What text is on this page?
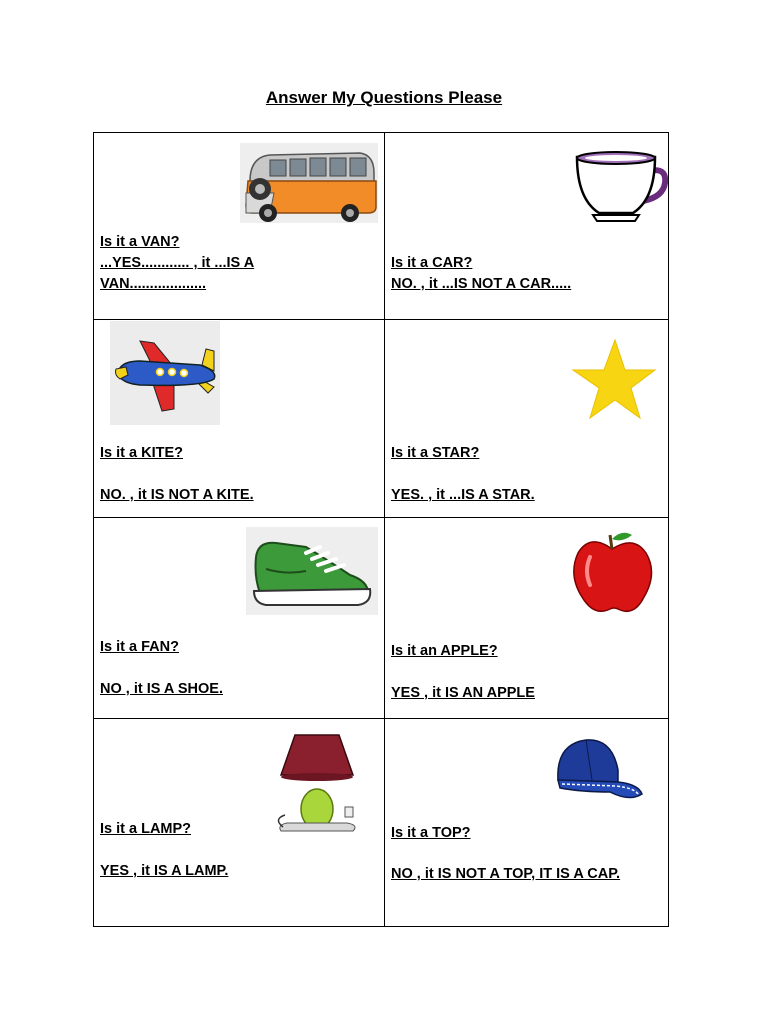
Answer My Questions Please
Is it a VAN?
...YES............ , it ...IS A
VAN...................
Is it a CAR?
NO. , it ...IS NOT A CAR.....
Is it a KITE?
NO. , it IS NOT A KITE.
Is it a STAR?
YES. , it ...IS A STAR.
Is it a FAN?
NO , it IS A SHOE.
Is it an APPLE?
YES , it IS AN APPLE
Is it a LAMP?
YES , it IS A LAMP.
Is it a TOP?
NO , it IS NOT A TOP, IT IS A CAP.
